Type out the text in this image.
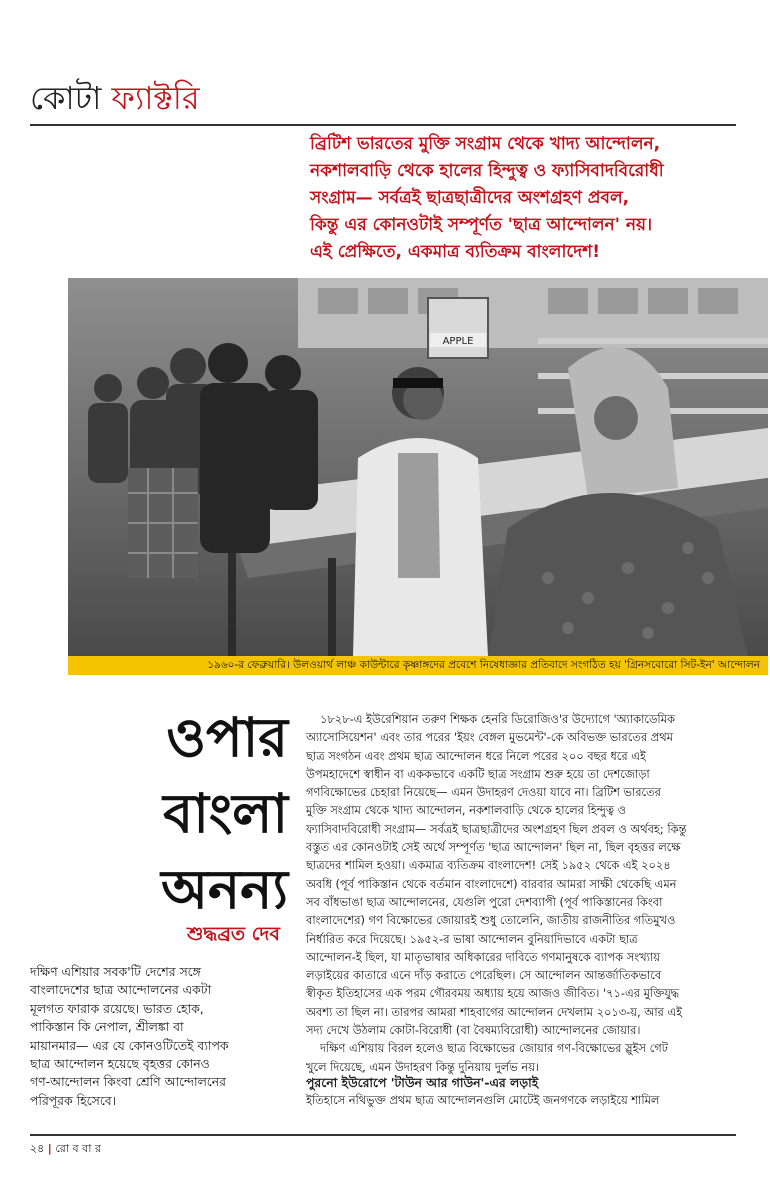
কোটা ফ্যাক্টরি

ব্রিটিশ ভারতের মুক্তি সংগ্রাম থেকে খাদ্য আন্দোলন,
নকশালবাড়ি থেকে হালের হিন্দুত্ব ও ফ্যাসিবাদবিরোধী
সংগ্রাম— সর্বত্রই ছাত্রছাত্রীদের অংশগ্রহণ প্রবল,
কিন্তু এর কোনওটাই সম্পূর্ণত 'ছাত্র আন্দোলন' নয়।
এই প্রেক্ষিতে, একমাত্র ব্যতিক্রম বাংলাদেশ!

APPLE
১৯৬০-র ফেব্রুয়ারি। উলওয়ার্থ লাঞ্চ কাউন্টারে কৃষ্ণাঙ্গদের প্রবেশে নিষেধাজ্ঞার প্রতিবাদে সংগঠিত হয় 'গ্রিনসবোরো সিট-ইন' আন্দোলন
ওপার
বাংলা
অনন্য
শুদ্ধব্রত দেব

দক্ষিণ এশিয়ার সবক'টি দেশের সঙ্গে
বাংলাদেশের ছাত্র আন্দোলনের একটা
মূলগত ফারাক রয়েছে। ভারত হোক,
পাকিস্তান কি নেপাল, শ্রীলঙ্কা বা
মায়ানমার— এর যে কোনওটিতেই ব্যাপক
ছাত্র আন্দোলন হয়েছে বৃহত্তর কোনও
গণ-আন্দোলন কিংবা শ্রেণি আন্দোলনের
পরিপূরক হিসেবে।

১৮২৮-এ ইউরেশিয়ান তরুণ শিক্ষক হেনরি ডিরোজিও'র উদ্যোগে 'অ্যাকাডেমিক
অ্যাসোসিয়েশন' এবং তার পরের 'ইয়ং বেঙ্গল মুভমেন্ট'-কে অবিভক্ত ভারতের প্রথম
ছাত্র সংগঠন এবং প্রথম ছাত্র আন্দোলন ধরে নিলে পরের ২০০ বছর ধরে এই
উপমহাদেশে স্বাধীন বা এককভাবে একটি ছাত্র সংগ্রাম শুরু হয়ে তা দেশজোড়া
গণবিক্ষোভের চেহারা নিয়েছে— এমন উদাহরণ দেওয়া যাবে না। ব্রিটিশ ভারতের
মুক্তি সংগ্রাম থেকে খাদ্য আন্দোলন, নকশালবাড়ি থেকে হালের হিন্দুত্ব ও
ফ্যাসিবাদবিরোধী সংগ্রাম— সর্বত্রই ছাত্রছাত্রীদের অংশগ্রহণ ছিল প্রবল ও অর্থবহ; কিন্তু
বস্তুত এর কোনওটাই সেই অর্থে সম্পূর্ণত 'ছাত্র আন্দোলন' ছিল না, ছিল বৃহত্তর লক্ষে
ছাত্রদের শামিল হওয়া। একমাত্র ব্যতিক্রম বাংলাদেশ! সেই ১৯৫২ থেকে এই ২০২৪
অবধি (পূর্ব পাকিস্তান থেকে বর্তমান বাংলাদেশে) বারবার আমরা সাক্ষী থেকেছি এমন
সব বাঁধভাঙা ছাত্র আন্দোলনের, যেগুলি পুরো দেশব্যাপী (পূর্ব পাকিস্তানের কিংবা
বাংলাদেশের) গণ বিক্ষোভের জোয়ারই শুধু তোলেনি, জাতীয় রাজনীতির গতিমুখও
নির্ধারিত করে দিয়েছে। ১৯৫২-র ভাষা আন্দোলন বুনিয়াদিভাবে একটা ছাত্র
আন্দোলন-ই ছিল, যা মাতৃভাষার অধিকারের দাবিতে গণমানুষকে ব্যাপক সংখ্যায়
লড়াইয়ের কাতারে এনে দাঁড় করাতে পেরেছিল। সে আন্দোলন আন্তর্জাতিকভাবে
স্বীকৃত ইতিহাসের এক পরম গৌরবময় অধ্যায় হয়ে আজও জীবিত। '৭১-এর মুক্তিযুদ্ধ
অবশ্য তা ছিল না। তারপর আমরা শাহবাগের আন্দোলন দেখলাম ২০১৩-য়, আর এই
সদ্য দেখে উঠলাম কোটা-বিরোধী (বা বৈষম্যবিরোধী) আন্দোলনের জোয়ার।
দক্ষিণ এশিয়ায় বিরল হলেও ছাত্র বিক্ষোভের জোয়ার গণ-বিক্ষোভের স্লুইস গেট
খুলে দিয়েছে, এমন উদাহরণ কিন্তু দুনিয়ায় দুর্লভ নয়।

পুরনো ইউরোপে 'টাউন আর গাউন'-এর লড়াই
ইতিহাসে নথিভুক্ত প্রথম ছাত্র আন্দোলনগুলি মোটেই জনগণকে লড়াইয়ে শামিল
২৪ | রো ব বা র
